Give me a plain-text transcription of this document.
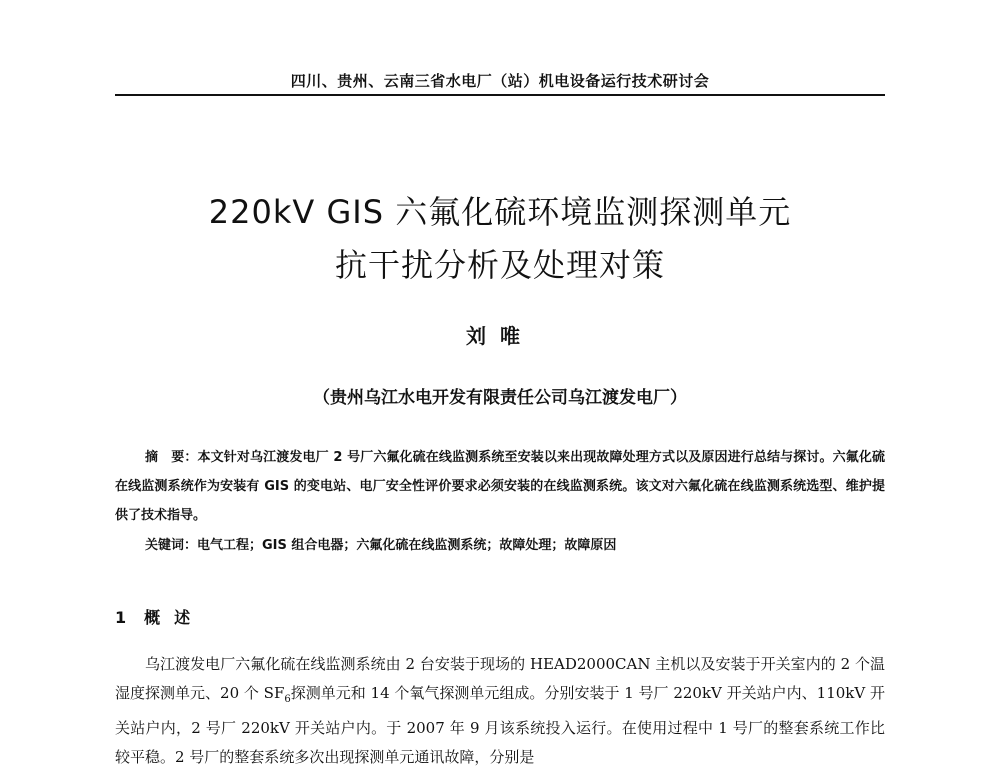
四川、贵州、云南三省水电厂（站）机电设备运行技术研讨会
220kV GIS 六氟化硫环境监测探测单元
抗干扰分析及处理对策
刘唯
（贵州乌江水电开发有限责任公司乌江渡发电厂）

摘　要：本文针对乌江渡发电厂 2 号厂六氟化硫在线监测系统至安装以来出现故障处理方式以及原因进行总结与探讨。六氟化硫在线监测系统作为安装有 GIS 的变电站、电厂安全性评价要求必须安装的在线监测系统。该文对六氟化硫在线监测系统选型、维护提供了技术指导。

关键词：电气工程；GIS 组合电器；六氟化硫在线监测系统；故障处理；故障原因
1 概述

乌江渡发电厂六氟化硫在线监测系统由 2 台安装于现场的 HEAD2000CAN 主机以及安装于开关室内的 2 个温湿度探测单元、20 个 $SF_6$探测单元和 14 个氧气探测单元组成。分别安装于 1 号厂 220kV 开关站户内、110kV 开关站户内，2 号厂 220kV 开关站户内。于 2007 年 9 月该系统投入运行。在使用过程中 1 号厂的整套系统工作比较平稳。2 号厂的整套系统多次出现探测单元通讯故障，分别是
